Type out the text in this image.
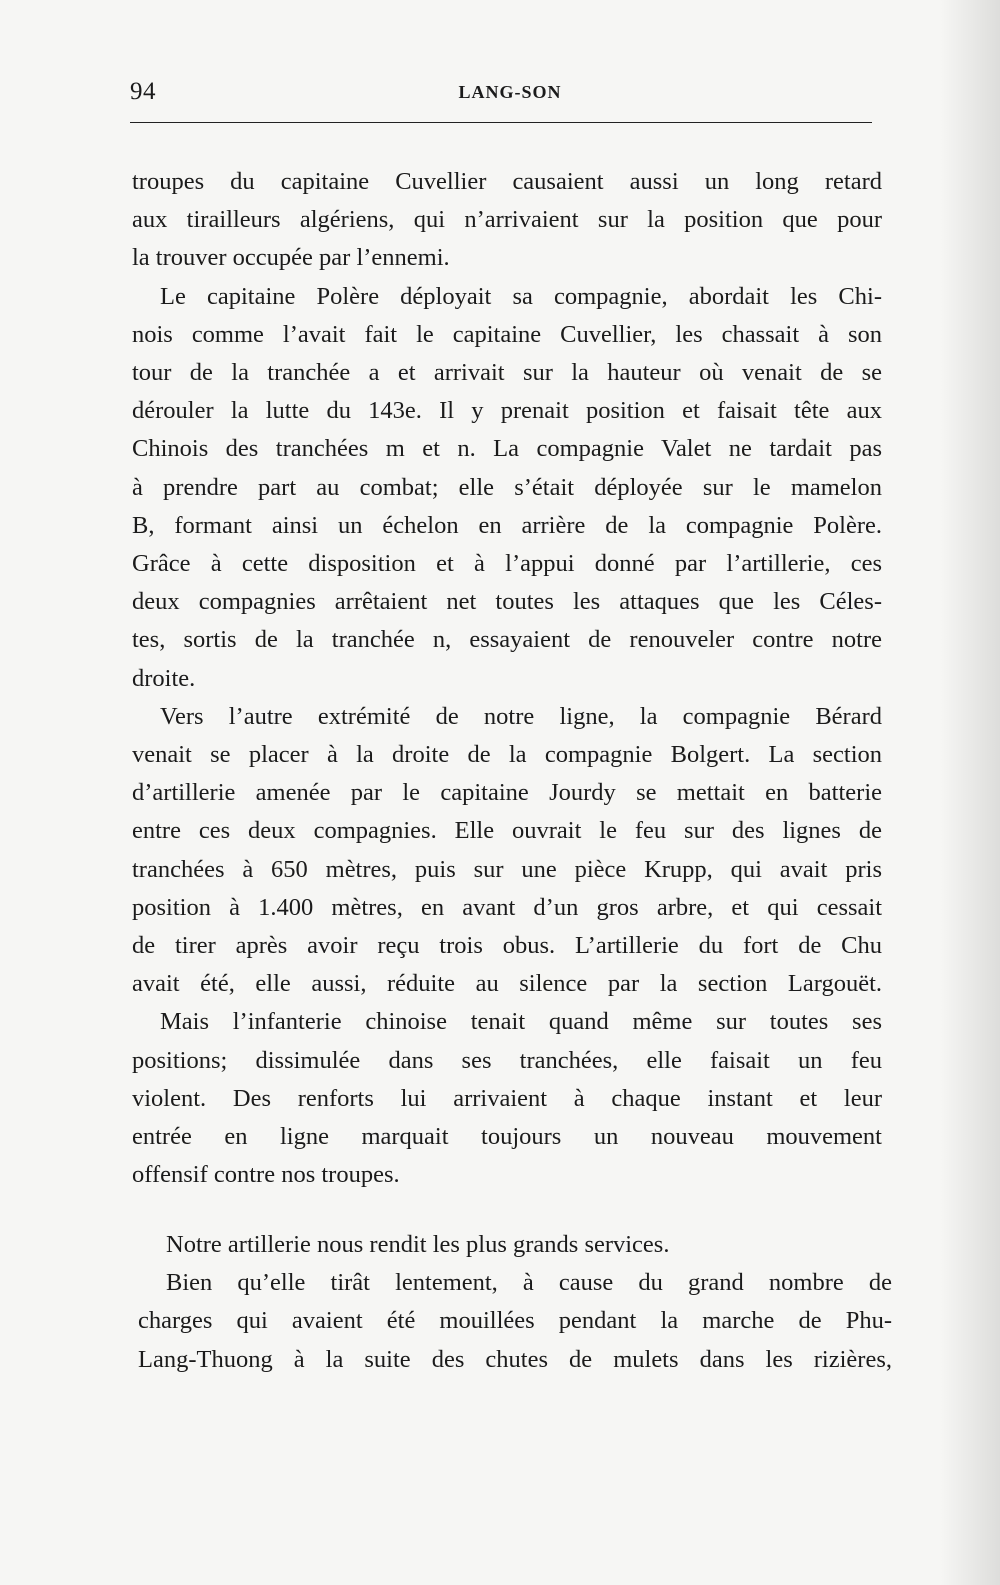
94	LANG-SON
troupes du capitaine Cuvellier causaient aussi un long retard
aux tirailleurs algériens, qui n’arrivaient sur la position que pour
la trouver occupée par l’ennemi.
Le capitaine Polère déployait sa compagnie, abordait les Chi-
nois comme l’avait fait le capitaine Cuvellier, les chassait à son
tour de la tranchée a et arrivait sur la hauteur où venait de se
dérouler la lutte du 143e. Il y prenait position et faisait tête aux
Chinois des tranchées m et n. La compagnie Valet ne tardait pas
à prendre part au combat; elle s’était déployée sur le mamelon
B, formant ainsi un échelon en arrière de la compagnie Polère.
Grâce à cette disposition et à l’appui donné par l’artillerie, ces
deux compagnies arrêtaient net toutes les attaques que les Céles-
tes, sortis de la tranchée n, essayaient de renouveler contre notre
droite.
Vers l’autre extrémité de notre ligne, la compagnie Bérard
venait se placer à la droite de la compagnie Bolgert. La section
d’artillerie amenée par le capitaine Jourdy se mettait en batterie
entre ces deux compagnies. Elle ouvrait le feu sur des lignes de
tranchées à 650 mètres, puis sur une pièce Krupp, qui avait pris
position à 1.400 mètres, en avant d’un gros arbre, et qui cessait
de tirer après avoir reçu trois obus. L’artillerie du fort de Chu
avait été, elle aussi, réduite au silence par la section Largouët.
Mais l’infanterie chinoise tenait quand même sur toutes ses
positions; dissimulée dans ses tranchées, elle faisait un feu
violent. Des renforts lui arrivaient à chaque instant et leur
entrée en ligne marquait toujours un nouveau mouvement
offensif contre nos troupes.
Notre artillerie nous rendit les plus grands services.
Bien qu’elle tirât lentement, à cause du grand nombre de
charges qui avaient été mouillées pendant la marche de Phu-
Lang-Thuong à la suite des chutes de mulets dans les rizières,
